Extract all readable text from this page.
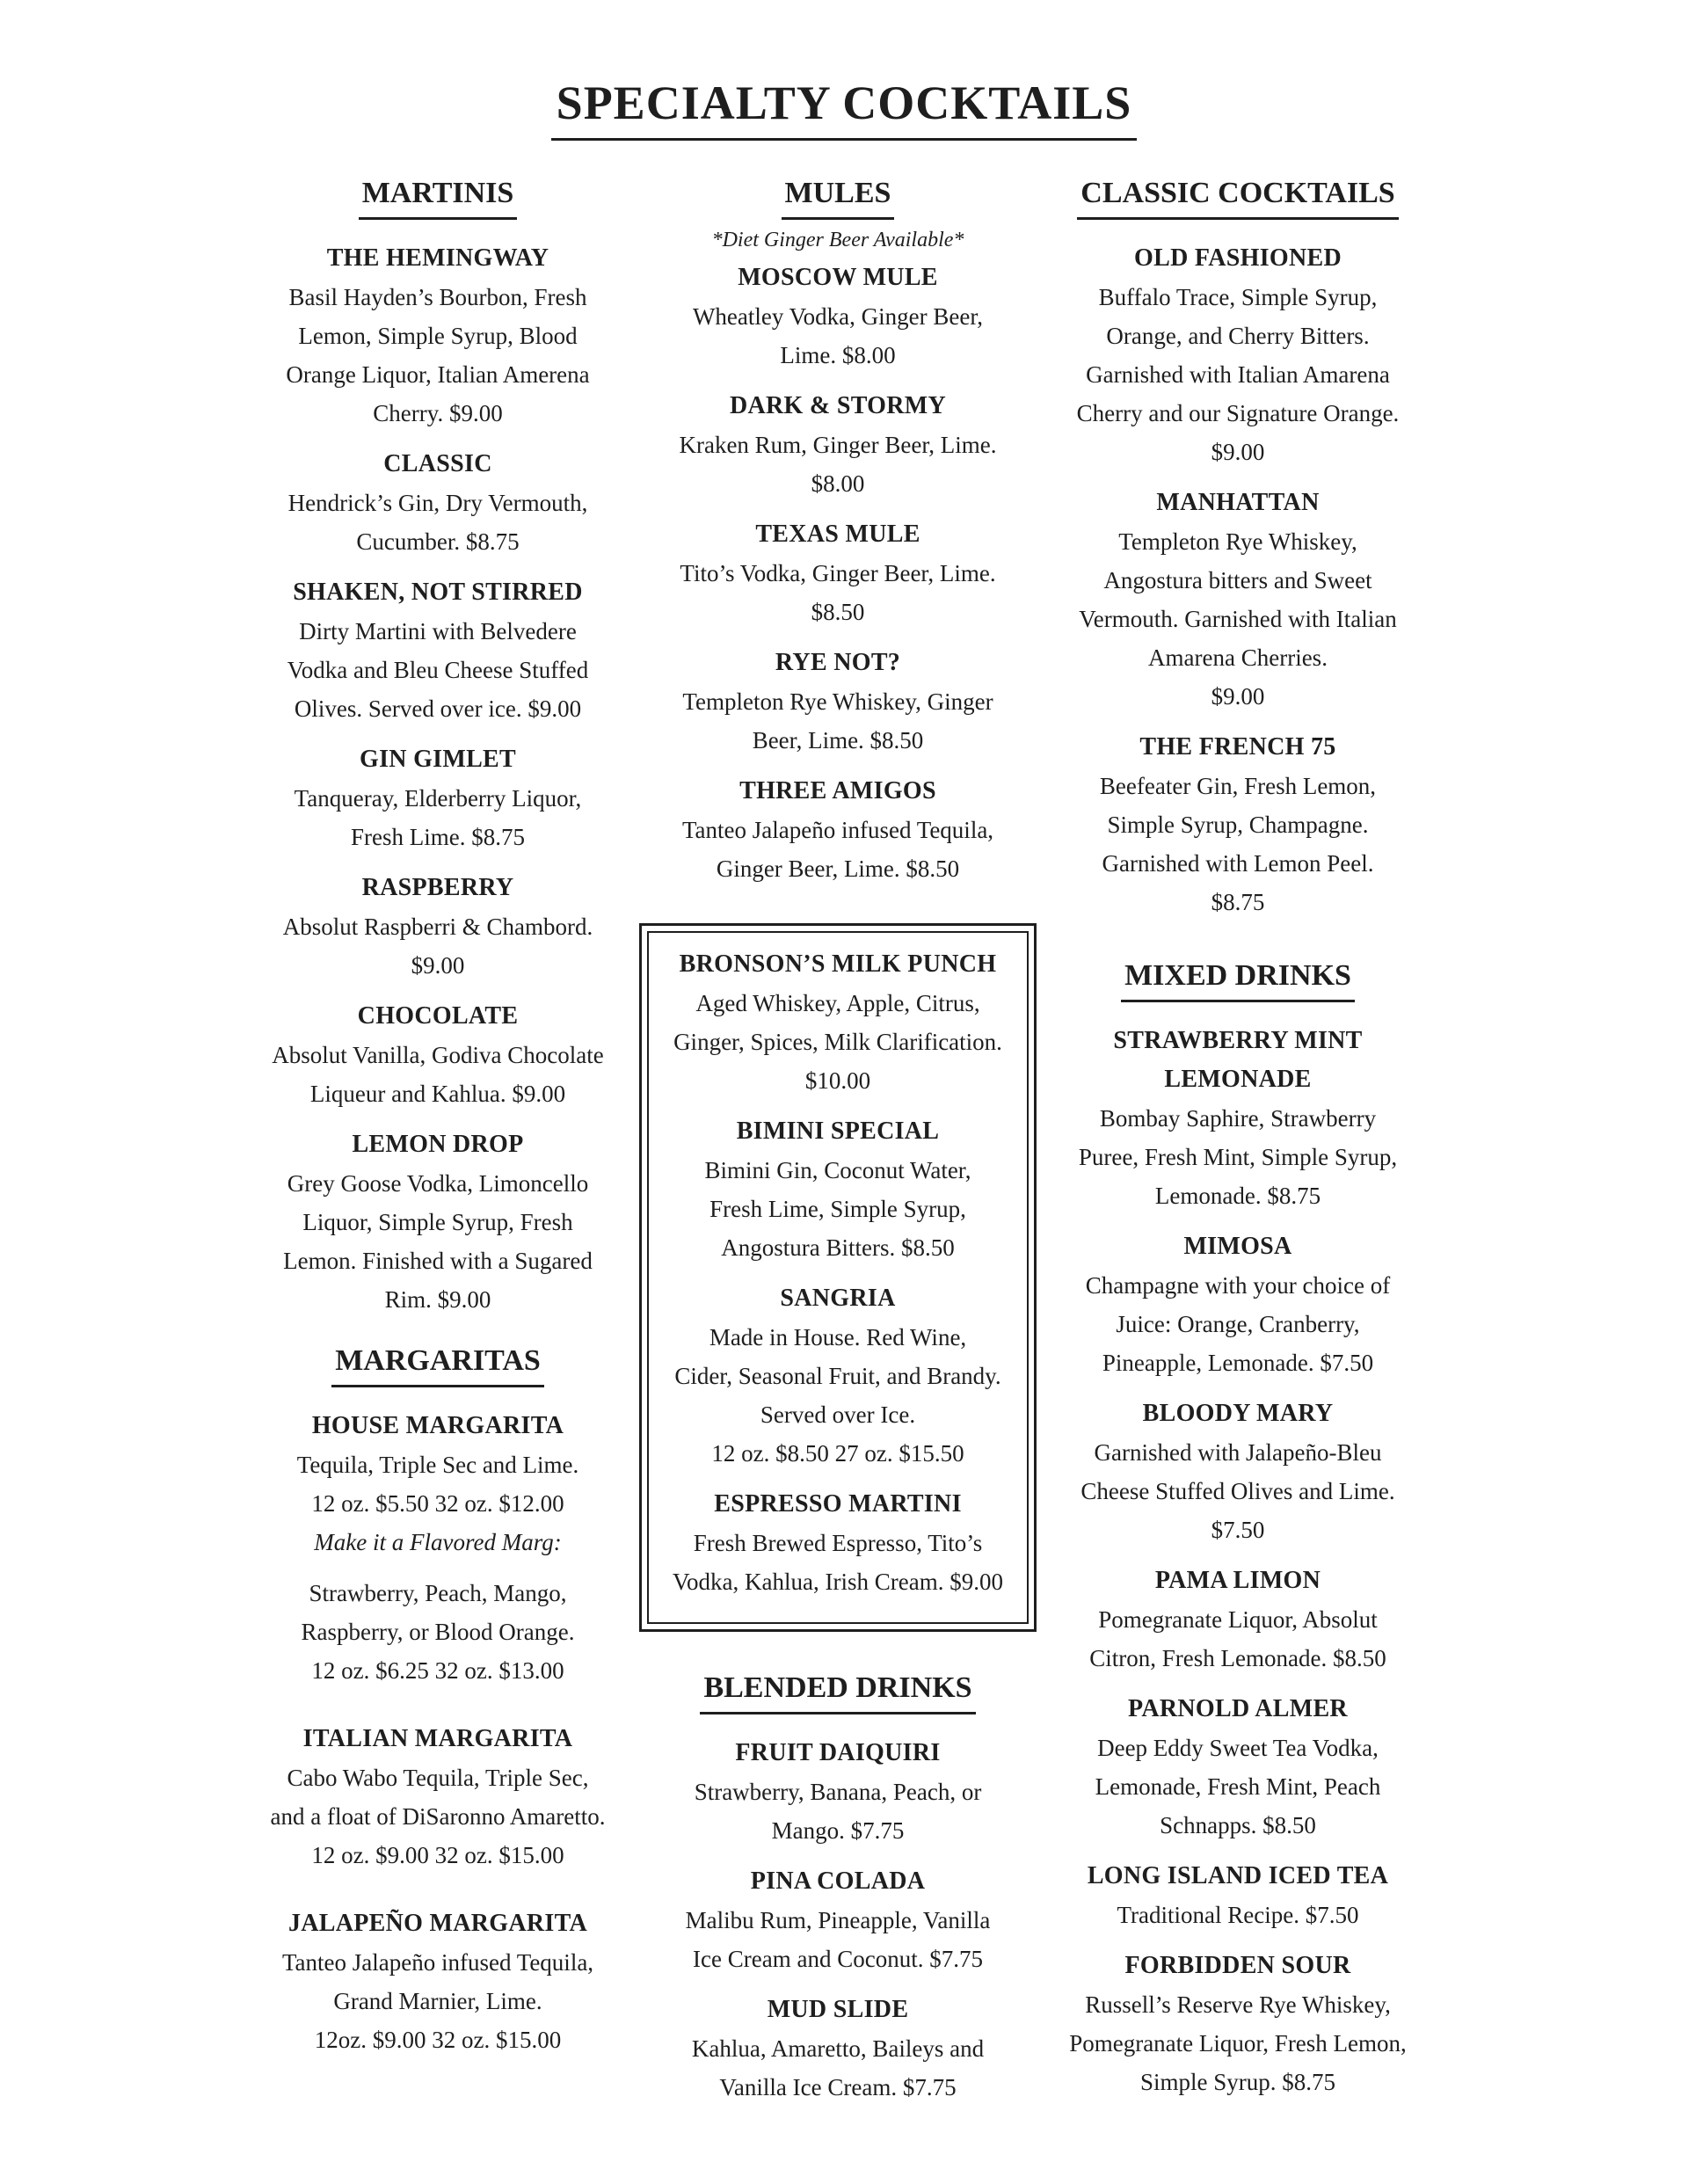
SPECIALTY COCKTAILS
MARTINIS
THE HEMINGWAY
Basil Hayden’s Bourbon, Fresh
Lemon, Simple Syrup, Blood
Orange Liquor, Italian Amerena
Cherry. $9.00
CLASSIC
Hendrick’s Gin, Dry Vermouth,
Cucumber. $8.75
SHAKEN, NOT STIRRED
Dirty Martini with Belvedere
Vodka and Bleu Cheese Stuffed
Olives. Served over ice. $9.00
GIN GIMLET
Tanqueray, Elderberry Liquor,
Fresh Lime. $8.75
RASPBERRY
Absolut Raspberri & Chambord.
$9.00
CHOCOLATE
Absolut Vanilla, Godiva Chocolate
Liqueur and Kahlua. $9.00
LEMON DROP
Grey Goose Vodka, Limoncello
Liquor, Simple Syrup, Fresh
Lemon. Finished with a Sugared
Rim. $9.00
MARGARITAS
HOUSE MARGARITA
Tequila, Triple Sec and Lime.
12 oz. $5.50 32 oz. $12.00
Make it a Flavored Marg:
Strawberry, Peach, Mango,
Raspberry, or Blood Orange.
12 oz. $6.25 32 oz. $13.00
ITALIAN MARGARITA
Cabo Wabo Tequila, Triple Sec,
and a float of DiSaronno Amaretto.
12 oz. $9.00 32 oz. $15.00
JALAPEÑO MARGARITA
Tanteo Jalapeño infused Tequila,
Grand Marnier, Lime.
12oz. $9.00 32 oz. $15.00
MULES
*Diet Ginger Beer Available*
MOSCOW MULE
Wheatley Vodka, Ginger Beer,
Lime. $8.00
DARK & STORMY
Kraken Rum, Ginger Beer, Lime.
$8.00
TEXAS MULE
Tito’s Vodka, Ginger Beer, Lime.
$8.50
RYE NOT?
Templeton Rye Whiskey, Ginger
Beer, Lime. $8.50
THREE AMIGOS
Tanteo Jalapeño infused Tequila,
Ginger Beer, Lime. $8.50
BRONSON’S MILK PUNCH
Aged Whiskey, Apple, Citrus,
Ginger, Spices, Milk Clarification.
$10.00
BIMINI SPECIAL
Bimini Gin, Coconut Water,
Fresh Lime, Simple Syrup,
Angostura Bitters. $8.50
SANGRIA
Made in House. Red Wine,
Cider, Seasonal Fruit, and Brandy.
Served over Ice.
12 oz. $8.50 27 oz. $15.50
ESPRESSO MARTINI
Fresh Brewed Espresso, Tito’s
Vodka, Kahlua, Irish Cream. $9.00
BLENDED DRINKS
FRUIT DAIQUIRI
Strawberry, Banana, Peach, or
Mango. $7.75
PINA COLADA
Malibu Rum, Pineapple, Vanilla
Ice Cream and Coconut. $7.75
MUD SLIDE
Kahlua, Amaretto, Baileys and
Vanilla Ice Cream. $7.75
CLASSIC COCKTAILS
OLD FASHIONED
Buffalo Trace, Simple Syrup,
Orange, and Cherry Bitters.
Garnished with Italian Amarena
Cherry and our Signature Orange.
$9.00
MANHATTAN
Templeton Rye Whiskey,
Angostura bitters and Sweet
Vermouth. Garnished with Italian
Amarena Cherries.
$9.00
THE FRENCH 75
Beefeater Gin, Fresh Lemon,
Simple Syrup, Champagne.
Garnished with Lemon Peel.
$8.75
MIXED DRINKS
STRAWBERRY MINT LEMONADE
Bombay Saphire, Strawberry
Puree, Fresh Mint, Simple Syrup,
Lemonade. $8.75
MIMOSA
Champagne with your choice of
Juice: Orange, Cranberry,
Pineapple, Lemonade. $7.50
BLOODY MARY
Garnished with Jalapeño-Bleu
Cheese Stuffed Olives and Lime.
$7.50
PAMA LIMON
Pomegranate Liquor, Absolut
Citron, Fresh Lemonade. $8.50
PARNOLD ALMER
Deep Eddy Sweet Tea Vodka,
Lemonade, Fresh Mint, Peach
Schnapps. $8.50
LONG ISLAND ICED TEA
Traditional Recipe. $7.50
FORBIDDEN SOUR
Russell’s Reserve Rye Whiskey,
Pomegranate Liquor, Fresh Lemon,
Simple Syrup. $8.75
